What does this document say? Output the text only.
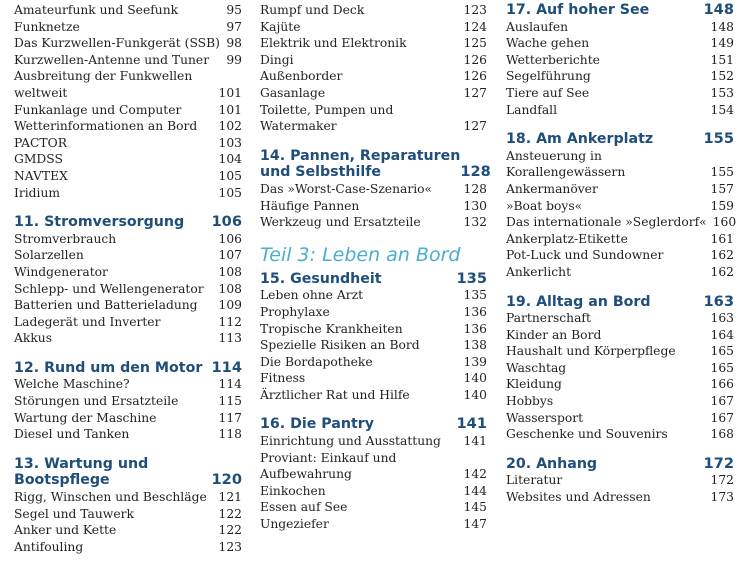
Amateurfunk und Seefunk	95
Funknetze	97
Das Kurzwellen-Funkgerät (SSB) 98
Kurzwellen-Antenne und Tuner	99
Ausbreitung der Funkwellen weltweit	101
Funkanlage und Computer	101
Wetterinformationen an Bord	102
PACTOR	103
GMDSS	104
NAVTEX	105
Iridium	105
11. Stromversorgung	106
Stromverbrauch	106
Solarzellen	107
Windgenerator	108
Schlepp- und Wellengenerator	108
Batterien und Batterieladung	109
Ladegerät und Inverter	112
Akkus	113
12. Rund um den Motor 114
Welche Maschine?	114
Störungen und Ersatzteile	115
Wartung der Maschine	117
Diesel und Tanken	118
13. Wartung und
Bootspflege	120
Rigg, Winschen und Beschläge 121
Segel und Tauwerk	122
Anker und Kette	122
Antifouling	123
Rumpf und Deck	123
Kajüte	124
Elektrik und Elektronik	125
Dingi	126
Außenborder	126
Gasanlage	127
Toilette, Pumpen und Watermaker	127
14. Pannen, Reparaturen
und Selbsthilfe	128
Das »Worst-Case-Szenario«	128
Häufige Pannen	130
Werkzeug und Ersatzteile	132
Teil 3: Leben an Bord
15. Gesundheit	135
Leben ohne Arzt	135
Prophylaxe	136
Tropische Krankheiten	136
Spezielle Risiken an Bord	138
Die Bordapotheke	139
Fitness	140
Ärztlicher Rat und Hilfe	140
16. Die Pantry	141
Einrichtung und Ausstattung	141
Proviant: Einkauf und Aufbewahrung	142
Einkochen	144
Essen auf See	145
Ungeziefer	147
17. Auf hoher See	148
Auslaufen	148
Wache gehen	149
Wetterberichte	151
Segelführung	152
Tiere auf See	153
Landfall	154
18. Am Ankerplatz	155
Ansteuerung in Korallengewässern	155
Ankermanöver	157
»Boat boys«	159
Das internationale »Seglerdorf« 160
Ankerplatz-Etikette	161
Pot-Luck und Sundowner	162
Ankerlicht	162
19. Alltag an Bord	163
Partnerschaft	163
Kinder an Bord	164
Haushalt und Körperpflege	165
Waschtag	165
Kleidung	166
Hobbys	167
Wassersport	167
Geschenke und Souvenirs	168
20. Anhang	172
Literatur	172
Websites und Adressen	173
